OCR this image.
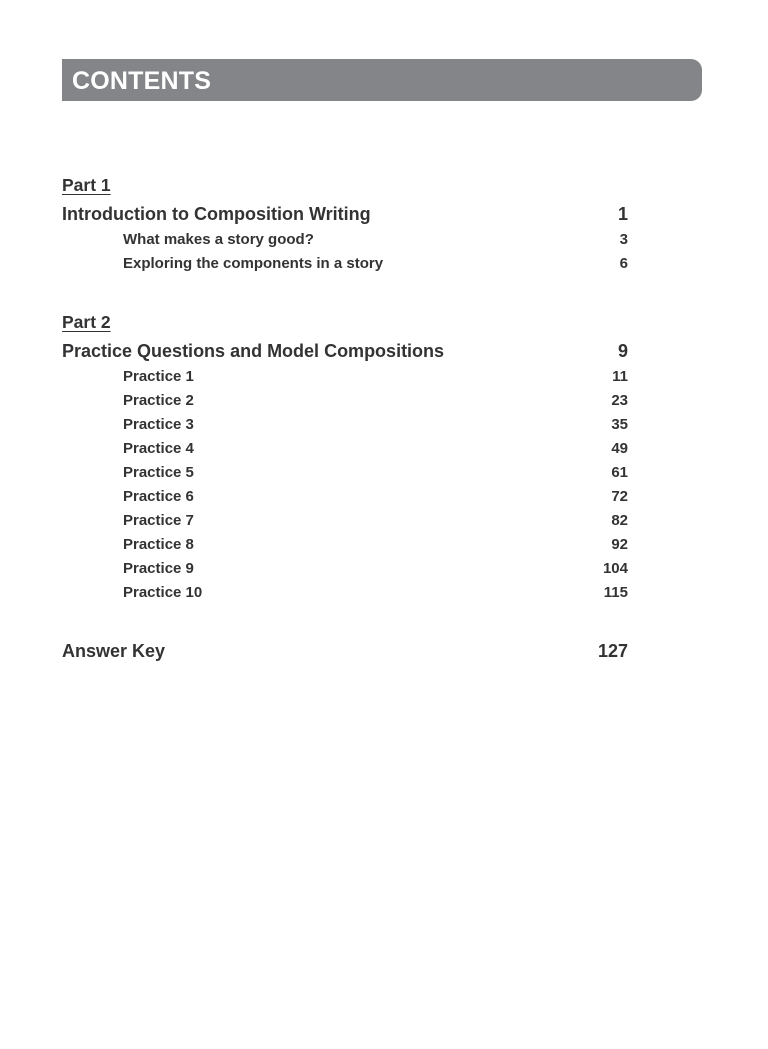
CONTENTS
Part 1
Introduction to Composition Writing	1
What makes a story good?	3
Exploring the components in a story	6
Part 2
Practice Questions and Model Compositions	9
Practice 1	11
Practice 2	23
Practice 3	35
Practice 4	49
Practice 5	61
Practice 6	72
Practice 7	82
Practice 8	92
Practice 9	104
Practice 10	115
Answer Key	127
